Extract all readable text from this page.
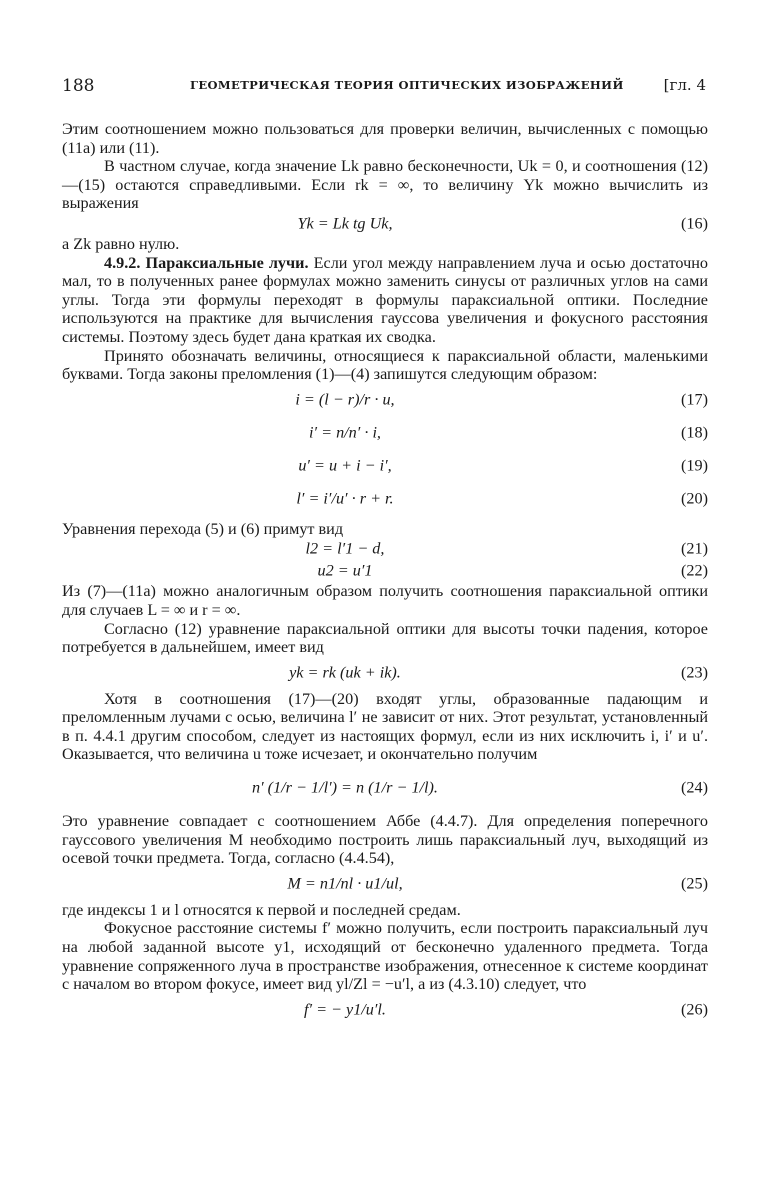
188	ГЕОМЕТРИЧЕСКАЯ ТЕОРИЯ ОПТИЧЕСКИХ ИЗОБРАЖЕНИЙ	[гл. 4

Этим соотношением можно пользоваться для проверки величин, вычисленных с помощью (11а) или (11).

В частном случае, когда значение Lk равно бесконечности, Uk = 0, и соотношения (12)—(15) остаются справедливыми. Если rk = ∞, то величину Yk можно вычислить из выражения

Yk = Lk tg Uk,	(16)

а Zk равно нулю.

4.9.2. Параксиальные лучи. Если угол между направлением луча и осью достаточно мал, то в полученных ранее формулах можно заменить синусы от различных углов на сами углы. Тогда эти формулы переходят в формулы параксиальной оптики. Последние используются на практике для вычисления гауссова увеличения и фокусного расстояния системы. Поэтому здесь будет дана краткая их сводка.

Принято обозначать величины, относящиеся к параксиальной области, маленькими буквами. Тогда законы преломления (1)—(4) запишутся следующим образом:

i = (l − r)/r · u,	(17)
i′ = n/n′ · i,	(18)
u′ = u + i − i′,	(19)
l′ = i′/u′ · r + r.	(20)

Уравнения перехода (5) и (6) примут вид

l2 = l′1 − d,	(21)
u2 = u′1	(22)

Из (7)—(11а) можно аналогичным образом получить соотношения параксиальной оптики для случаев L = ∞ и r = ∞.

Согласно (12) уравнение параксиальной оптики для высоты точки падения, которое потребуется в дальнейшем, имеет вид

yk = rk (uk + ik).	(23)

Хотя в соотношения (17)—(20) входят углы, образованные падающим и преломленным лучами с осью, величина l′ не зависит от них. Этот результат, установленный в п. 4.4.1 другим способом, следует из настоящих формул, если из них исключить i, i′ и u′. Оказывается, что величина u тоже исчезает, и окончательно получим

n′ (1/r − 1/l′) = n (1/r − 1/l).	(24)

Это уравнение совпадает с соотношением Аббе (4.4.7). Для определения поперечного гауссового увеличения M необходимо построить лишь параксиальный луч, выходящий из осевой точки предмета. Тогда, согласно (4.4.54),

M = n1/nl · u1/ul,	(25)

где индексы 1 и l относятся к первой и последней средам.

Фокусное расстояние системы f′ можно получить, если построить параксиальный луч на любой заданной высоте y1, исходящий от бесконечно удаленного предмета. Тогда уравнение сопряженного луча в пространстве изображения, отнесенное к системе координат с началом во втором фокусе, имеет вид yl/Zl = −u′l, а из (4.3.10) следует, что

f′ = − y1/u′l.	(26)
